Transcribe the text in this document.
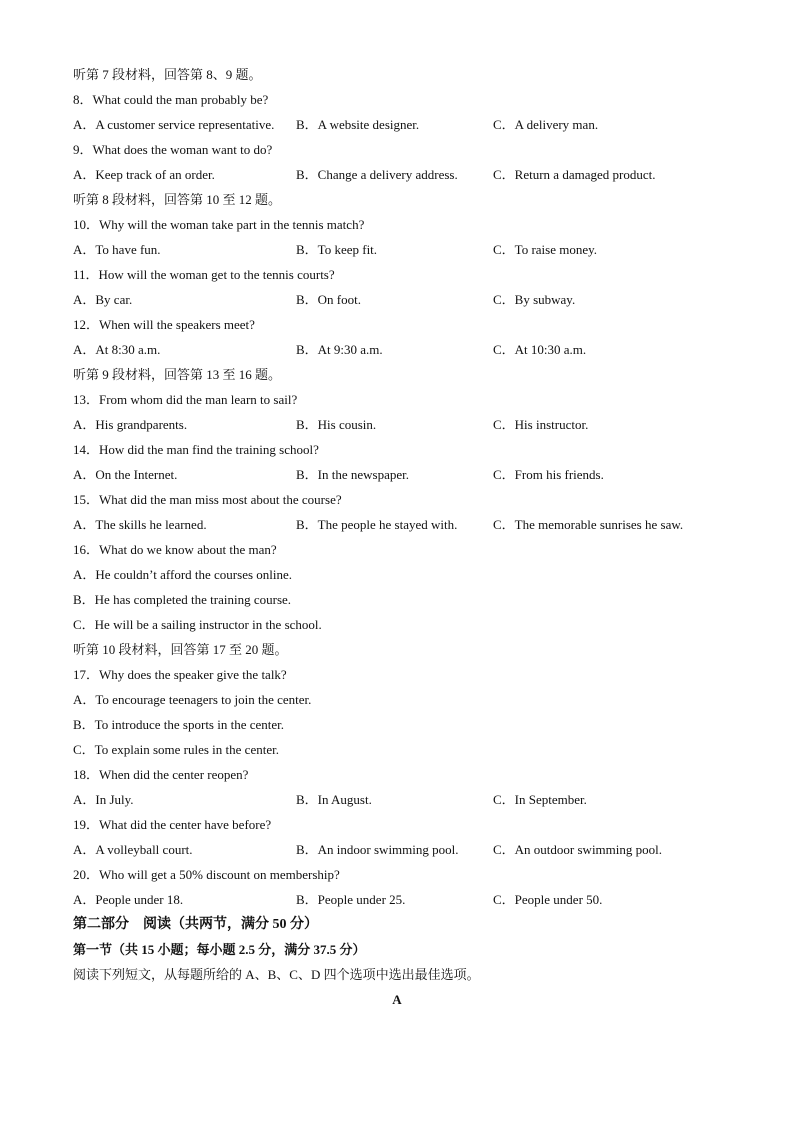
听第 7 段材料，回答第 8、9 题。
8．What could the man probably be?
A．A customer service representative. B．A website designer.	C．A delivery man.
9．What does the woman want to do?
A．Keep track of an order.	B．Change a delivery address.	C．Return a damaged product.
听第 8 段材料，回答第 10 至 12 题。
10．Why will the woman take part in the tennis match?
A．To have fun.	B．To keep fit.	C．To raise money.
11．How will the woman get to the tennis courts?
A．By car.	B．On foot.	C．By subway.
12．When will the speakers meet?
A．At 8:30 a.m.	B．At 9:30 a.m.	C．At 10:30 a.m.
听第 9 段材料，回答第 13 至 16 题。
13．From whom did the man learn to sail?
A．His grandparents.	B．His cousin.	C．His instructor.
14．How did the man find the training school?
A．On the Internet.	B．In the newspaper.	C．From his friends.
15．What did the man miss most about the course?
A．The skills he learned.	B．The people he stayed with.	C．The memorable sunrises he saw.
16．What do we know about the man?
A．He couldn’t afford the courses online.
B．He has completed the training course.
C．He will be a sailing instructor in the school.
听第 10 段材料，回答第 17 至 20 题。
17．Why does the speaker give the talk?
A．To encourage teenagers to join the center.
B．To introduce the sports in the center.
C．To explain some rules in the center.
18．When did the center reopen?
A．In July.	B．In August.	C．In September.
19．What did the center have before?
A．A volleyball court.	B．An indoor swimming pool.	C．An outdoor swimming pool.
20．Who will get a 50% discount on membership?
A．People under 18.	B．People under 25.	C．People under 50.
第二部分　阅读（共两节，满分 50 分）
第一节（共 15 小题；每小题 2.5 分，满分 37.5 分）
阅读下列短文，从每题所给的 A、B、C、D 四个选项中选出最佳选项。
A
